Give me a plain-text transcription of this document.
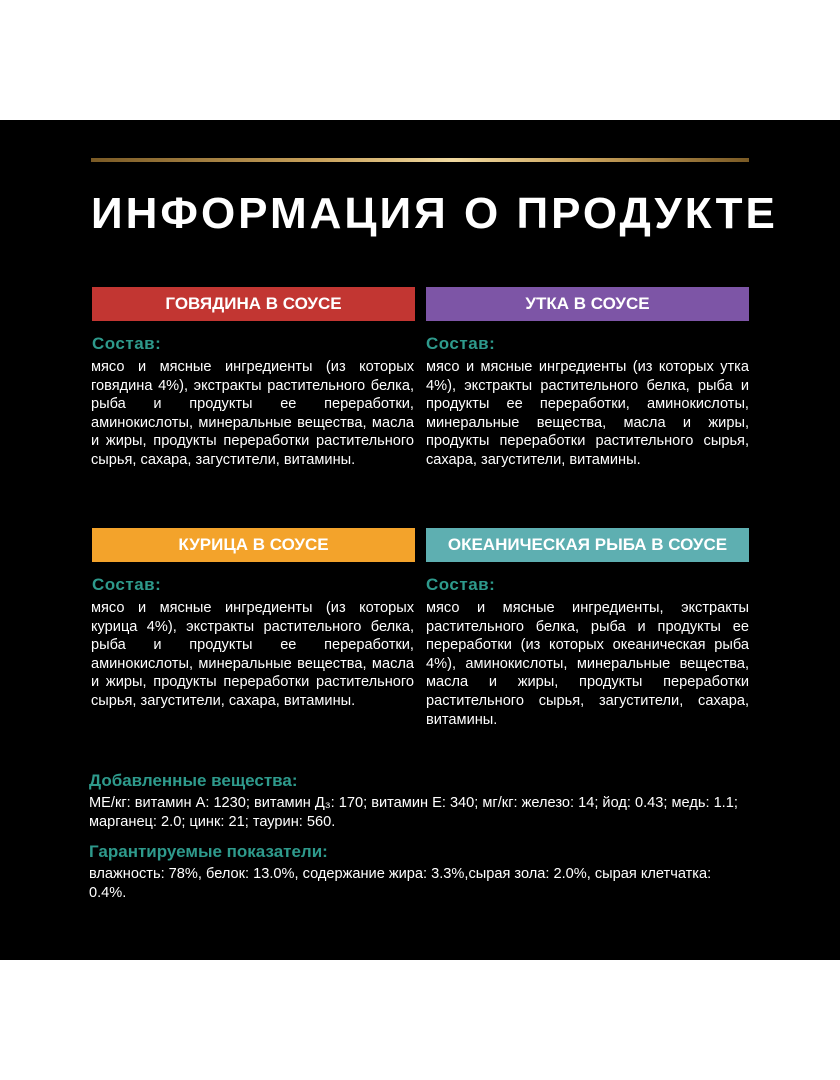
ИНФОРМАЦИЯ О ПРОДУКТЕ
ГОВЯДИНА В СОУСЕ
Состав:
мясо и мясные ингредиенты (из которых говядина 4%), экстракты растительного белка, рыба и продукты ее переработки, аминокислоты, минеральные вещества, масла и жиры, продукты переработки растительного сырья, сахара, загустители, витамины.
УТКА В СОУСЕ
Состав:
мясо и мясные ингредиенты (из которых утка 4%), экстракты растительного белка, рыба и продукты ее переработки, аминокислоты, минеральные вещества, масла и жиры, продукты переработки растительного сырья, сахара, загустители, витамины.
КУРИЦА В СОУСЕ
Состав:
мясо и мясные ингредиенты (из которых курица 4%), экстракты растительного белка, рыба и продукты ее переработки, аминокислоты, минеральные вещества, масла и жиры, продукты переработки растительного сырья, загустители, сахара, витамины.
ОКЕАНИЧЕСКАЯ РЫБА В СОУСЕ
Состав:
мясо и мясные ингредиенты, экстракты растительного белка, рыба и продукты ее переработки (из которых океаническая рыба 4%), аминокислоты, минеральные вещества, масла и жиры, продукты переработки растительного сырья, загустители, сахара, витамины.
Добавленные вещества:
МЕ/кг: витамин А: 1230; витамин Д₃: 170; витамин Е: 340; мг/кг: железо: 14; йод: 0.43; медь: 1.1; марганец: 2.0; цинк: 21; таурин: 560.
Гарантируемые показатели:
влажность: 78%, белок: 13.0%, содержание жира: 3.3%,сырая зола: 2.0%, сырая клетчатка: 0.4%.
